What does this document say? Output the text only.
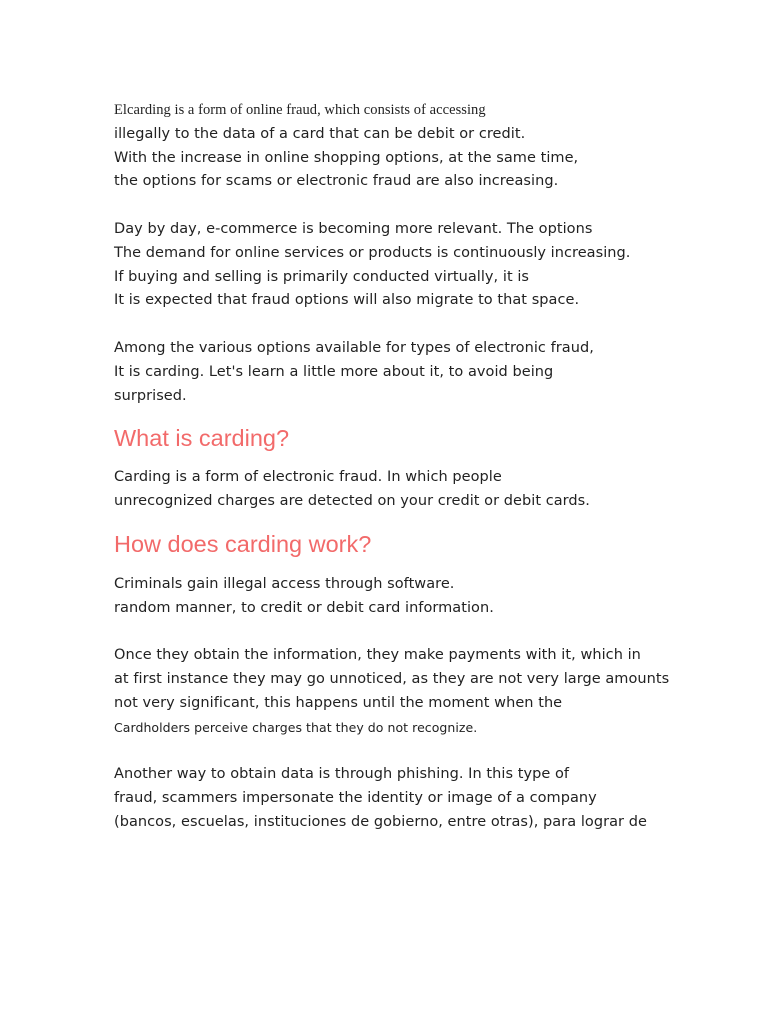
Elcarding is a form of online fraud, which consists of accessing
illegally to the data of a card that can be debit or credit.
With the increase in online shopping options, at the same time,
the options for scams or electronic fraud are also increasing.
Day by day, e-commerce is becoming more relevant. The options
The demand for online services or products is continuously increasing.
If buying and selling is primarily conducted virtually, it is
It is expected that fraud options will also migrate to that space.
Among the various options available for types of electronic fraud,
It is carding. Let's learn a little more about it, to avoid being
surprised.
What is carding?
Carding is a form of electronic fraud. In which people
unrecognized charges are detected on your credit or debit cards.
How does carding work?
Criminals gain illegal access through software.
random manner, to credit or debit card information.
Once they obtain the information, they make payments with it, which in
at first instance they may go unnoticed, as they are not very large amounts
not very significant, this happens until the moment when the
Cardholders perceive charges that they do not recognize.
Another way to obtain data is through phishing. In this type of
fraud, scammers impersonate the identity or image of a company
(bancos, escuelas, instituciones de gobierno, entre otras), para lograr de
